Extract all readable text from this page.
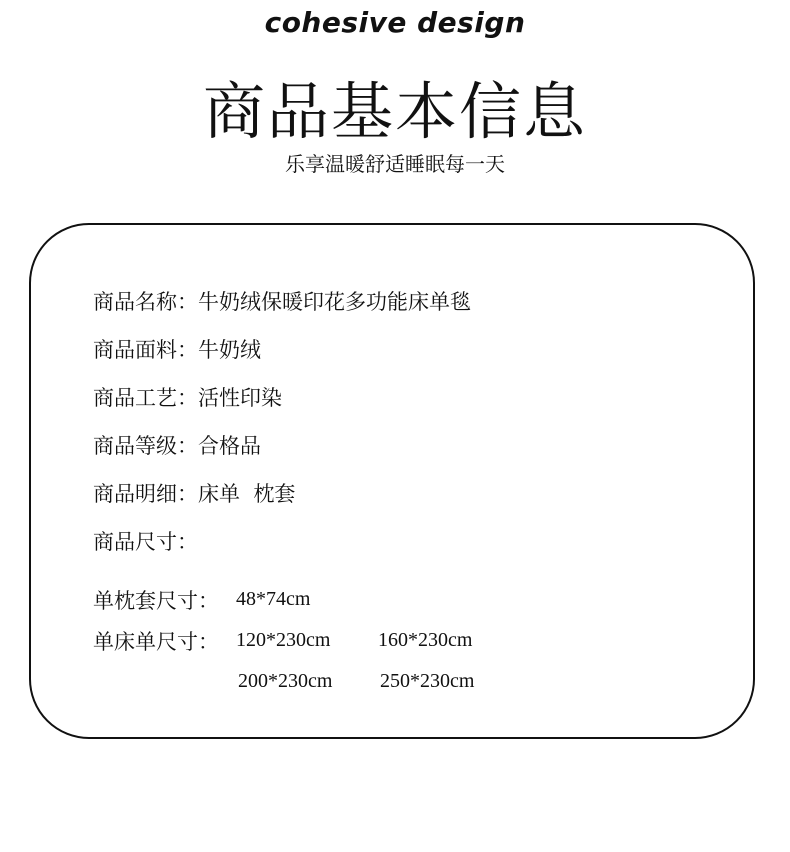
cohesive design
商品基本信息
乐享温暖舒适睡眠每一天
商品名称：牛奶绒保暖印花多功能床单毯
商品面料：牛奶绒
商品工艺：活性印染
商品等级：合格品
商品明细：床单  枕套
商品尺寸：
单枕套尺寸： 48*74cm
单床单尺寸： 120*230cm 160*230cm
200*230cm 250*230cm
